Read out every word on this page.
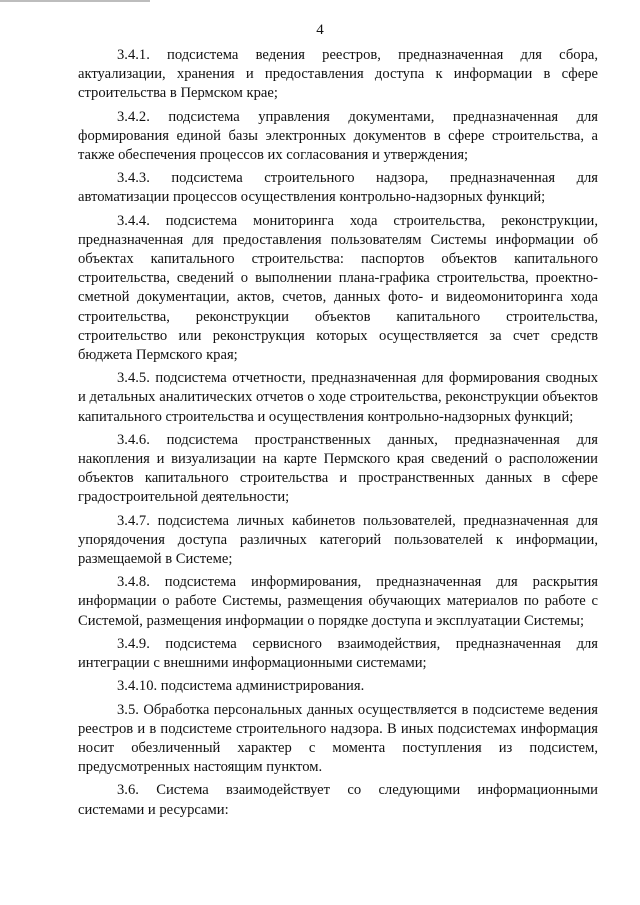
4

3.4.1. подсистема ведения реестров, предназначенная для сбора, актуализации, хранения и предоставления доступа к информации в сфере строительства в Пермском крае;

3.4.2. подсистема управления документами, предназначенная для формирования единой базы электронных документов в сфере строительства, а также обеспечения процессов их согласования и утверждения;

3.4.3. подсистема строительного надзора, предназначенная для автоматизации процессов осуществления контрольно-надзорных функций;

3.4.4. подсистема мониторинга хода строительства, реконструкции, предназначенная для предоставления пользователям Системы информации об объектах капитального строительства: паспортов объектов капитального строительства, сведений о выполнении плана-графика строительства, проектно-сметной документации, актов, счетов, данных фото- и видеомониторинга хода строительства, реконструкции объектов капитального строительства, строительство или реконструкция которых осуществляется за счет средств бюджета Пермского края;

3.4.5. подсистема отчетности, предназначенная для формирования сводных и детальных аналитических отчетов о ходе строительства, реконструкции объектов капитального строительства и осуществления контрольно-надзорных функций;

3.4.6. подсистема пространственных данных, предназначенная для накопления и визуализации на карте Пермского края сведений о расположении объектов капитального строительства и пространственных данных в сфере градостроительной деятельности;

3.4.7. подсистема личных кабинетов пользователей, предназначенная для упорядочения доступа различных категорий пользователей к информации, размещаемой в Системе;

3.4.8. подсистема информирования, предназначенная для раскрытия информации о работе Системы, размещения обучающих материалов по работе с Системой, размещения информации о порядке доступа и эксплуатации Системы;

3.4.9. подсистема сервисного взаимодействия, предназначенная для интеграции с внешними информационными системами;

3.4.10. подсистема администрирования.

3.5. Обработка персональных данных осуществляется в подсистеме ведения реестров и в подсистеме строительного надзора. В иных подсистемах информация носит обезличенный характер с момента поступления из подсистем, предусмотренных настоящим пунктом.

3.6. Система взаимодействует со следующими информационными системами и ресурсами:
